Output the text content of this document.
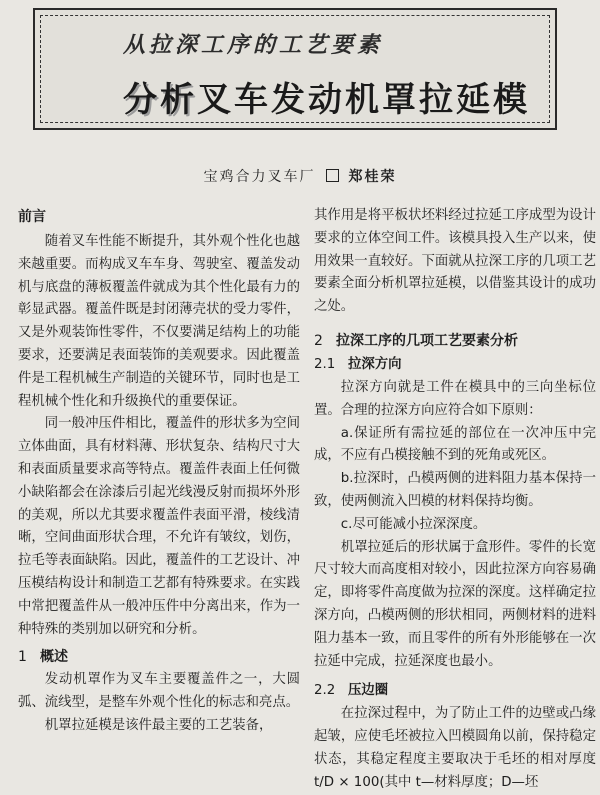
从拉深工序的工艺要素
分析叉车发动机罩拉延模
宝鸡合力叉车厂 郑桂荣
前言

随着叉车性能不断提升，其外观个性化也越来越重要。而构成叉车车身、驾驶室、覆盖发动机与底盘的薄板覆盖件就成为其个性化最有力的彰显武器。覆盖件既是封闭薄壳状的受力零件，又是外观装饰性零件，不仅要满足结构上的功能要求，还要满足表面装饰的美观要求。因此覆盖件是工程机械生产制造的关键环节，同时也是工程机械个性化和升级换代的重要保证。

同一般冲压件相比，覆盖件的形状多为空间立体曲面，具有材料薄、形状复杂、结构尺寸大和表面质量要求高等特点。覆盖件表面上任何微小缺陷都会在涂漆后引起光线漫反射而损坏外形的美观，所以尤其要求覆盖件表面平滑，棱线清晰，空间曲面形状合理，不允许有皱纹，划伤，拉毛等表面缺陷。因此，覆盖件的工艺设计、冲压模结构设计和制造工艺都有特殊要求。在实践中常把覆盖件从一般冲压件中分离出来，作为一种特殊的类别加以研究和分析。

1 概述

发动机罩作为叉车主要覆盖件之一，大圆弧、流线型，是整车外观个性化的标志和亮点。

机罩拉延模是该件最主要的工艺装备，

其作用是将平板状坯料经过拉延工序成型为设计要求的立体空间工件。该模具投入生产以来，使用效果一直较好。下面就从拉深工序的几项工艺要素全面分析机罩拉延模，以借鉴其设计的成功之处。

2 拉深工序的几项工艺要素分析
2.1 拉深方向

拉深方向就是工件在模具中的三向坐标位置。合理的拉深方向应符合如下原则：

a.保证所有需拉延的部位在一次冲压中完成，不应有凸模接触不到的死角或死区。

b.拉深时，凸模两侧的进料阻力基本保持一致，使两侧流入凹模的材料保持均衡。

c.尽可能减小拉深深度。

机罩拉延后的形状属于盒形件。零件的长宽尺寸较大而高度相对较小，因此拉深方向容易确定，即将零件高度做为拉深的深度。这样确定拉深方向，凸模两侧的形状相同，两侧材料的进料阻力基本一致，而且零件的所有外形能够在一次拉延中完成，拉延深度也最小。

2.2 压边圈

在拉深过程中，为了防止工件的边壁或凸缘起皱，应使毛坯被拉入凹模圆角以前，保持稳定状态，其稳定程度主要取决于毛坯的相对厚度 t/D × 100(其中 t—材料厚度；D—坯
